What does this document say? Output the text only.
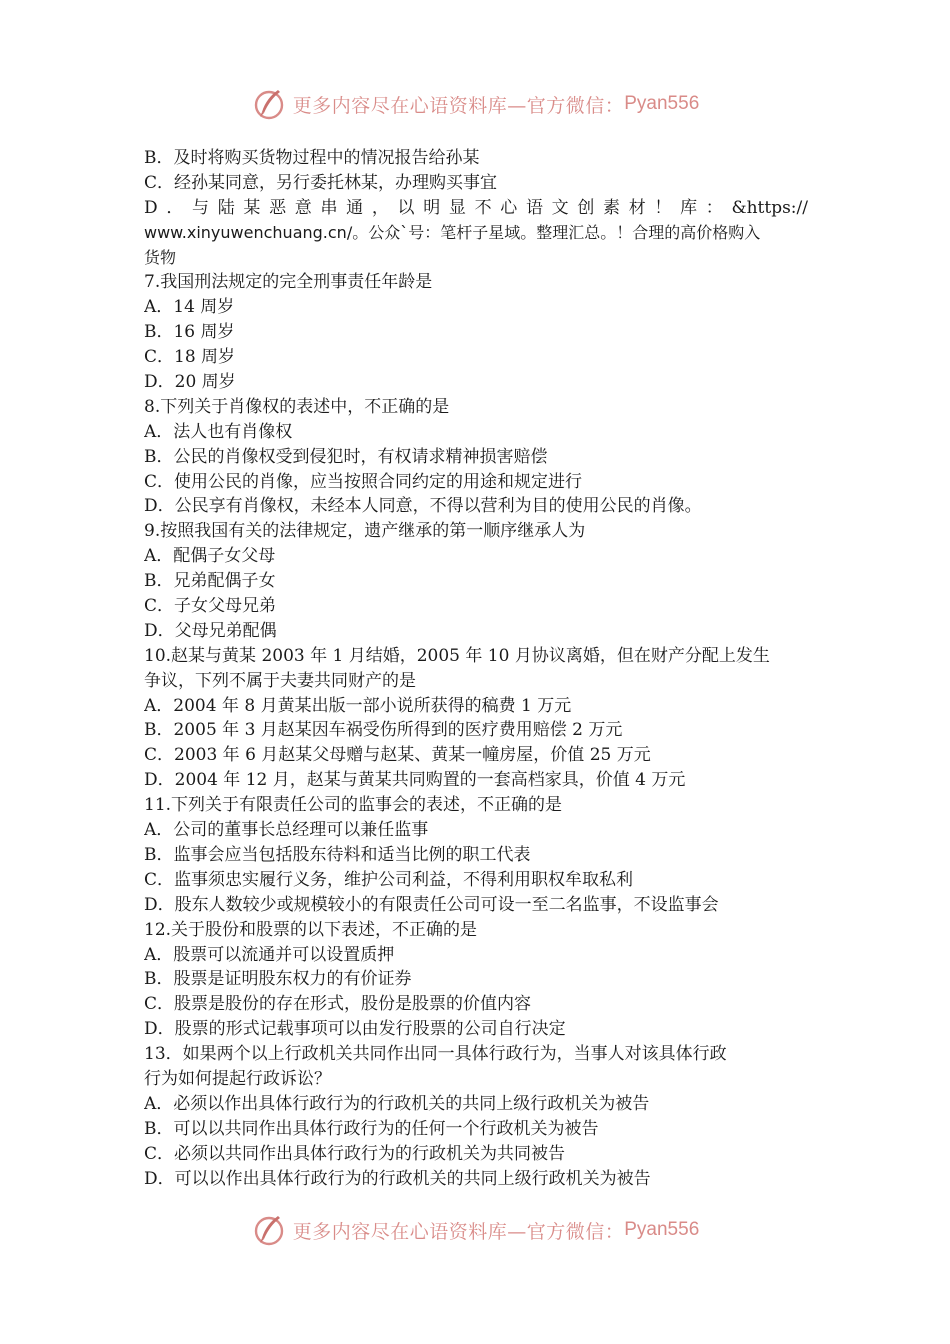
更多内容尽在心语资料库—官方微信： Pyan556
B．及时将购买货物过程中的情况报告给孙某
C．经孙某同意，另行委托林某，办理购买事宜
D．与陆某恶意串通，以明显不心语文创素材！库：&https://
www.xinyuwenchuang.cn/。公众`号：笔杆子星域。整理汇总。！合理的高价格购入
货物
7.我国刑法规定的完全刑事责任年龄是
A．14 周岁
B．16 周岁
C．18 周岁
D．20 周岁
8.下列关于肖像权的表述中，不正确的是
A．法人也有肖像权
B．公民的肖像权受到侵犯时，有权请求精神损害赔偿
C．使用公民的肖像，应当按照合同约定的用途和规定进行
D．公民享有肖像权，未经本人同意，不得以营利为目的使用公民的肖像。
9.按照我国有关的法律规定，遗产继承的第一顺序继承人为
A．配偶子女父母
B．兄弟配偶子女
C．子女父母兄弟
D．父母兄弟配偶
10.赵某与黄某 2003 年 1 月结婚，2005 年 10 月协议离婚，但在财产分配上发生
争议，下列不属于夫妻共同财产的是
A．2004 年 8 月黄某出版一部小说所获得的稿费 1 万元
B．2005 年 3 月赵某因车祸受伤所得到的医疗费用赔偿 2 万元
C．2003 年 6 月赵某父母赠与赵某、黄某一幢房屋，价值 25 万元
D．2004 年 12 月，赵某与黄某共同购置的一套高档家具，价值 4 万元
11.下列关于有限责任公司的监事会的表述，不正确的是
A．公司的董事长总经理可以兼任监事
B．监事会应当包括股东待料和适当比例的职工代表
C．监事须忠实履行义务，维护公司利益，不得利用职权牟取私利
D．股东人数较少或规模较小的有限责任公司可设一至二名监事，不设监事会
12.关于股份和股票的以下表述，不正确的是
A．股票可以流通并可以设置质押
B．股票是证明股东权力的有价证券
C．股票是股份的存在形式，股份是股票的价值内容
D．股票的形式记载事项可以由发行股票的公司自行决定
13．如果两个以上行政机关共同作出同一具体行政行为，当事人对该具体行政
行为如何提起行政诉讼？
A．必须以作出具体行政行为的行政机关的共同上级行政机关为被告
B．可以以共同作出具体行政行为的任何一个行政机关为被告
C．必须以共同作出具体行政行为的行政机关为共同被告
D．可以以作出具体行政行为的行政机关的共同上级行政机关为被告
更多内容尽在心语资料库—官方微信： Pyan556
